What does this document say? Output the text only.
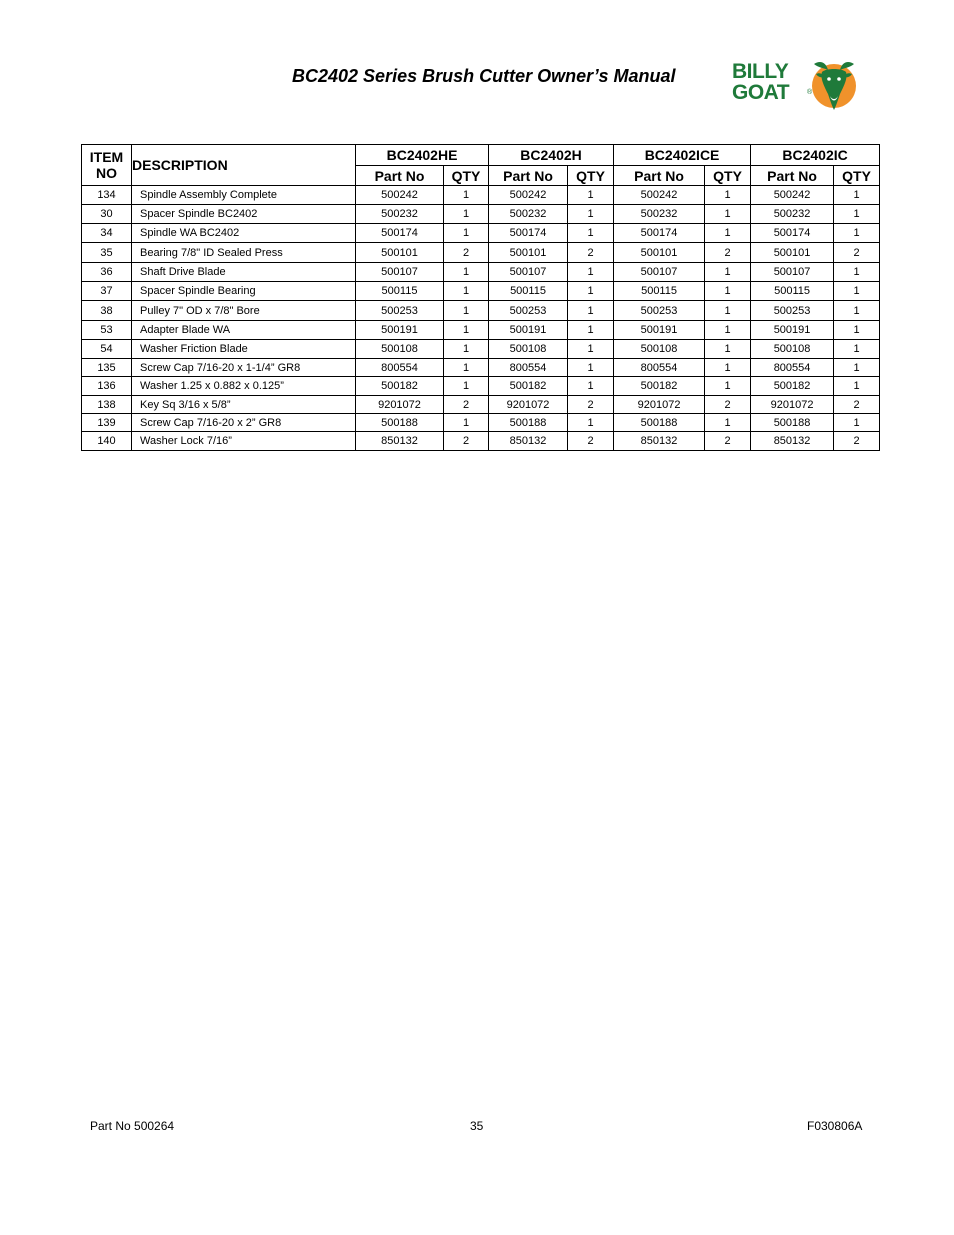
BC2402 Series Brush Cutter Owner’s Manual	BILLY
GOAT	®
ITEM
NO	DESCRIPTION	BC2402HE		BC2402H		BC2402ICE		BC2402IC	
		Part No	QTY	Part No	QTY	Part No	QTY	Part No	QTY
134	Spindle Assembly Complete	500242	1	500242	1	500242	1	500242	1
30	Spacer Spindle BC2402	500232	1	500232	1	500232	1	500232	1
34	Spindle WA BC2402	500174	1	500174	1	500174	1	500174	1
35	Bearing 7/8" ID Sealed Press	500101	2	500101	2	500101	2	500101	2
36	Shaft Drive Blade	500107	1	500107	1	500107	1	500107	1
37	Spacer Spindle Bearing	500115	1	500115	1	500115	1	500115	1
38	Pulley 7" OD x 7/8" Bore	500253	1	500253	1	500253	1	500253	1
53	Adapter Blade WA	500191	1	500191	1	500191	1	500191	1
54	Washer Friction Blade	500108	1	500108	1	500108	1	500108	1
135	Screw Cap 7/16-20 x 1-1/4” GR8	800554	1	800554	1	800554	1	800554	1
136	Washer 1.25 x 0.882 x 0.125”	500182	1	500182	1	500182	1	500182	1
138	Key Sq 3/16 x 5/8”	9201072	2	9201072	2	9201072	2	9201072	2
139	Screw Cap 7/16-20 x 2” GR8	500188	1	500188	1	500188	1	500188	1
140	Washer Lock 7/16”	850132	2	850132	2	850132	2	850132	2
Part No 500264	35	F030806A
